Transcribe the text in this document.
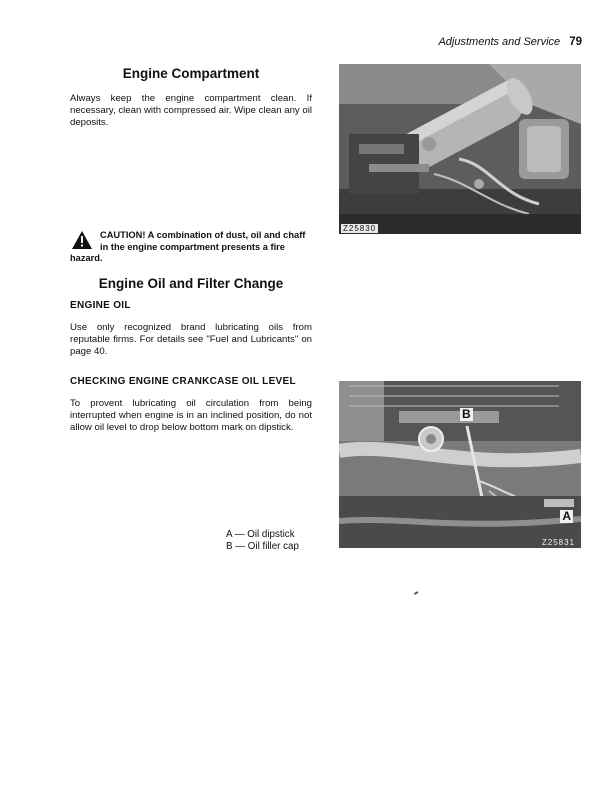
Adjustments and Service 79
Engine Compartment

Always keep the engine compartment clean. If necessary, clean with compressed air. Wipe clean any oil deposits.

CAUTION! A combination of dust, oil and chaff in the engine compartment presents a fire hazard.
Engine Oil and Filter Change
ENGINE OIL

Use only recognized brand lubricating oils from reputable firms. For details see "Fuel and Lubricants" on page 40.

CHECKING ENGINE CRANKCASE OIL LEVEL

To provent lubricating oil circulation from being interrupted when engine is in an inclined position, do not allow oil level to drop below bottom mark on dipstick.

A — Oil dipstick
B — Oil filler cap
Z25830
B
A
Z25831
